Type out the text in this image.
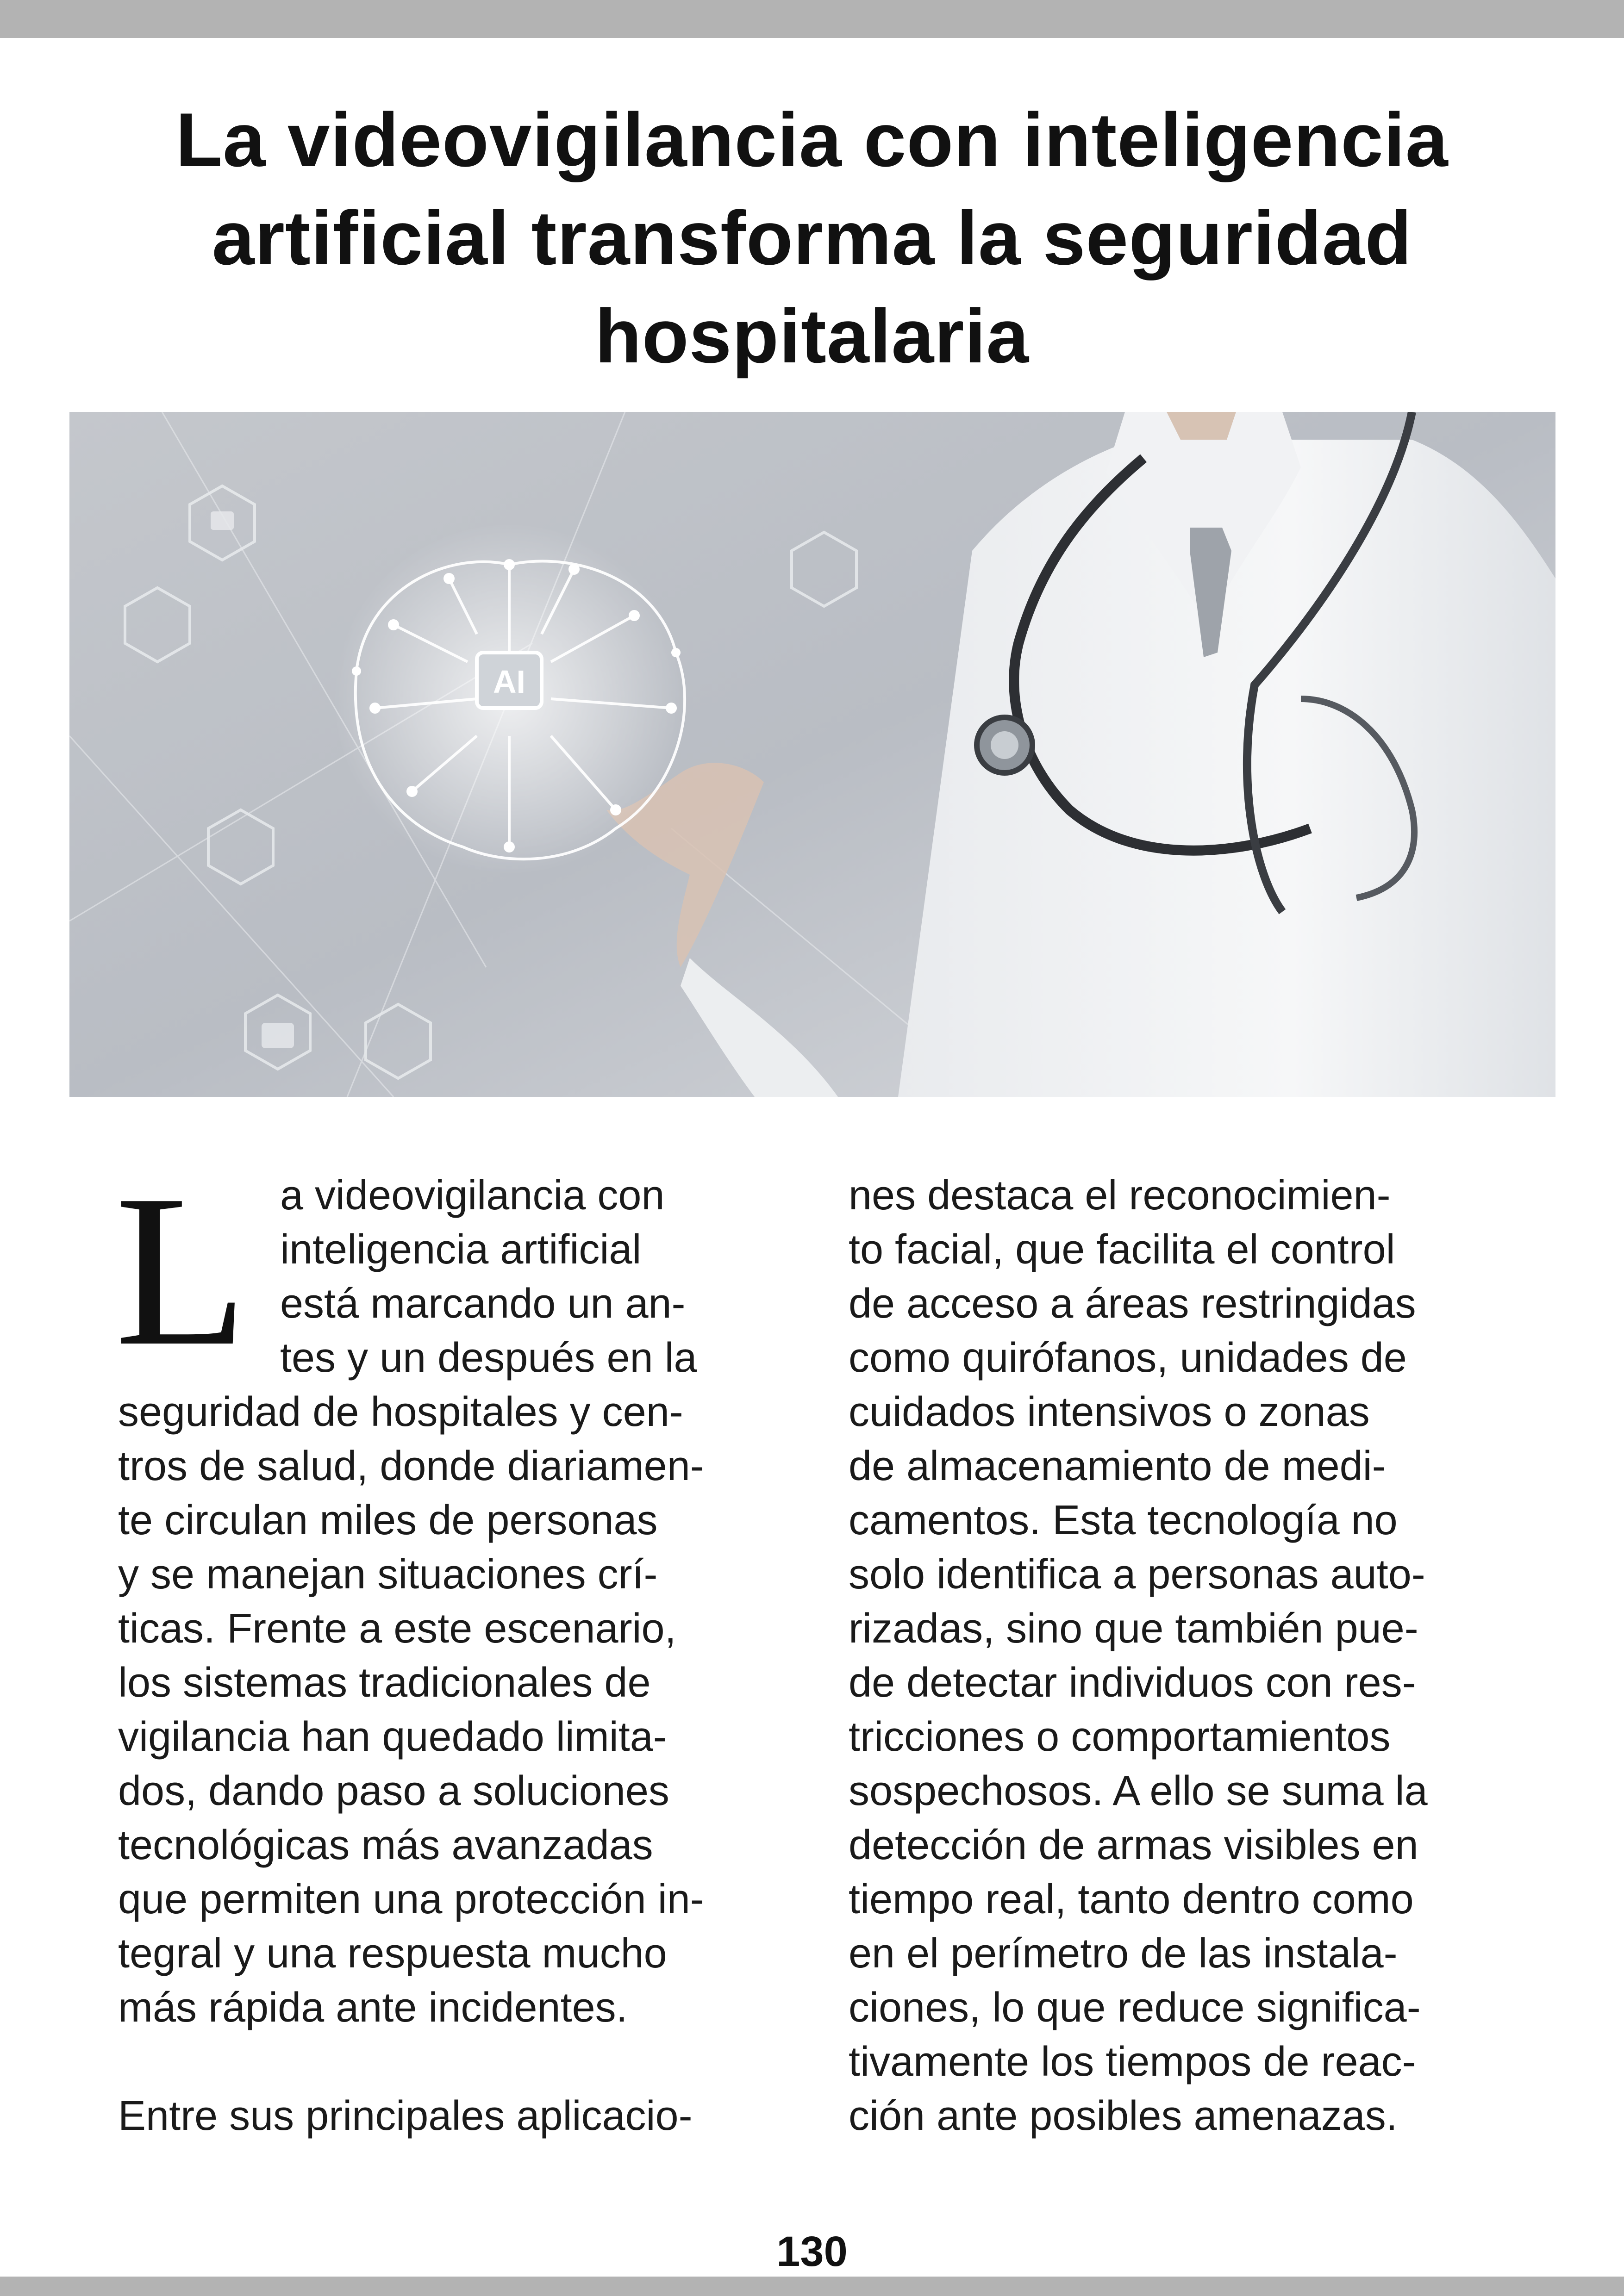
La videovigilancia con inteligencia
artificial transforma la seguridad
hospitalaria
AI
L a videovigilancia con
inteligencia artificial
está marcando un an-
tes y un después en la
seguridad de hospitales y cen-
tros de salud, donde diariamen-
te circulan miles de personas
y se manejan situaciones crí-
ticas. Frente a este escenario,
los sistemas tradicionales de
vigilancia han quedado limita-
dos, dando paso a soluciones
tecnológicas más avanzadas
que permiten una protección in-
tegral y una respuesta mucho
más rápida ante incidentes.

Entre sus principales aplicacio-

nes destaca el reconocimien-
to facial, que facilita el control
de acceso a áreas restringidas
como quirófanos, unidades de
cuidados intensivos o zonas
de almacenamiento de medi-
camentos. Esta tecnología no
solo identifica a personas auto-
rizadas, sino que también pue-
de detectar individuos con res-
tricciones o comportamientos
sospechosos. A ello se suma la
detección de armas visibles en
tiempo real, tanto dentro como
en el perímetro de las instala-
ciones, lo que reduce significa-
tivamente los tiempos de reac-
ción ante posibles amenazas.

130
